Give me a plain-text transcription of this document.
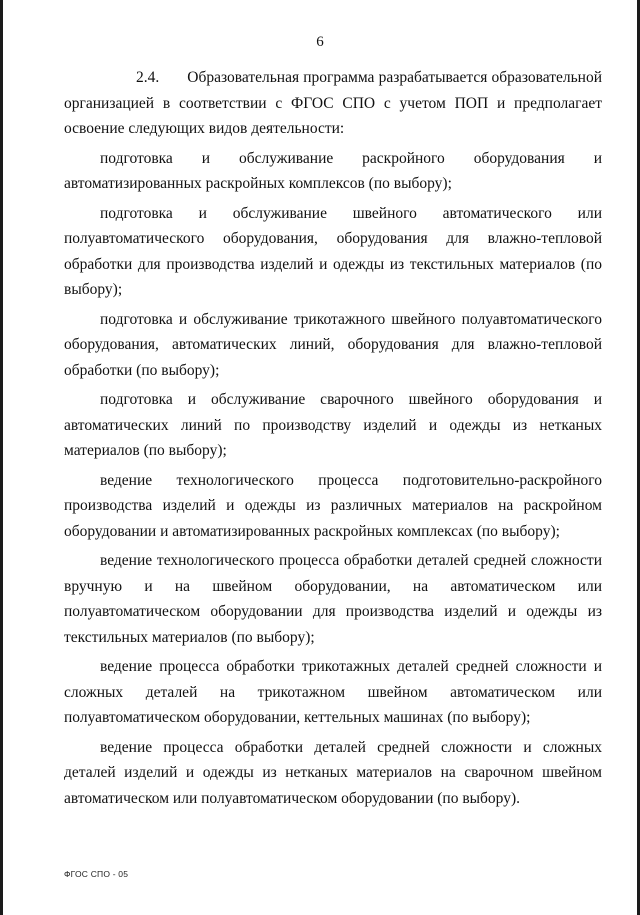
6

2.4. Образовательная программа разрабатывается образовательной организацией в соответствии с ФГОС СПО с учетом ПОП и предполагает освоение следующих видов деятельности:

подготовка и обслуживание раскройного оборудования и автоматизированных раскройных комплексов (по выбору);

подготовка и обслуживание швейного автоматического или полуавтоматического оборудования, оборудования для влажно-тепловой обработки для производства изделий и одежды из текстильных материалов (по выбору);

подготовка и обслуживание трикотажного швейного полуавтоматического оборудования, автоматических линий, оборудования для влажно-тепловой обработки (по выбору);

подготовка и обслуживание сварочного швейного оборудования и автоматических линий по производству изделий и одежды из нетканых материалов (по выбору);

ведение технологического процесса подготовительно-раскройного производства изделий и одежды из различных материалов на раскройном оборудовании и автоматизированных раскройных комплексах (по выбору);

ведение технологического процесса обработки деталей средней сложности вручную и на швейном оборудовании, на автоматическом или полуавтоматическом оборудовании для производства изделий и одежды из текстильных материалов (по выбору);

ведение процесса обработки трикотажных деталей средней сложности и сложных деталей на трикотажном швейном автоматическом или полуавтоматическом оборудовании, кеттельных машинах (по выбору);

ведение процесса обработки деталей средней сложности и сложных деталей изделий и одежды из нетканых материалов на сварочном швейном автоматическом или полуавтоматическом оборудовании (по выбору).

ФГОС СПО - 05
